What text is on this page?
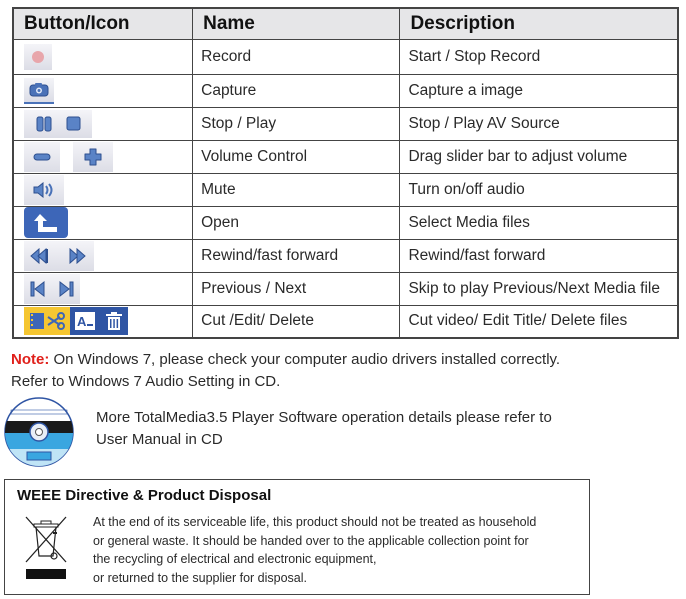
Button/Icon	Name	Description

	Record	Start / Stop Record

	Capture	Capture a image

	Stop / Play	Stop / Play AV Source

	Volume Control	Drag slider bar to adjust volume

	Mute	Turn on/off audio

	Open	Select Media files

	Rewind/fast forward	Rewind/fast forward

	Previous / Next	Skip to play Previous/Next Media file

A	Cut /Edit/ Delete	Cut video/ Edit Title/ Delete files
Note: On Windows 7, please check your computer audio drivers installed correctly.
Refer to Windows 7 Audio Setting in CD.
More TotalMedia3.5 Player Software operation details please refer to
User Manual in CD
WEEE Directive & Product Disposal

At the end of its serviceable life, this product should not be treated as household
or general waste. It should be handed over to the applicable collection point for
the recycling of electrical and electronic equipment,
or returned to the supplier for disposal.
